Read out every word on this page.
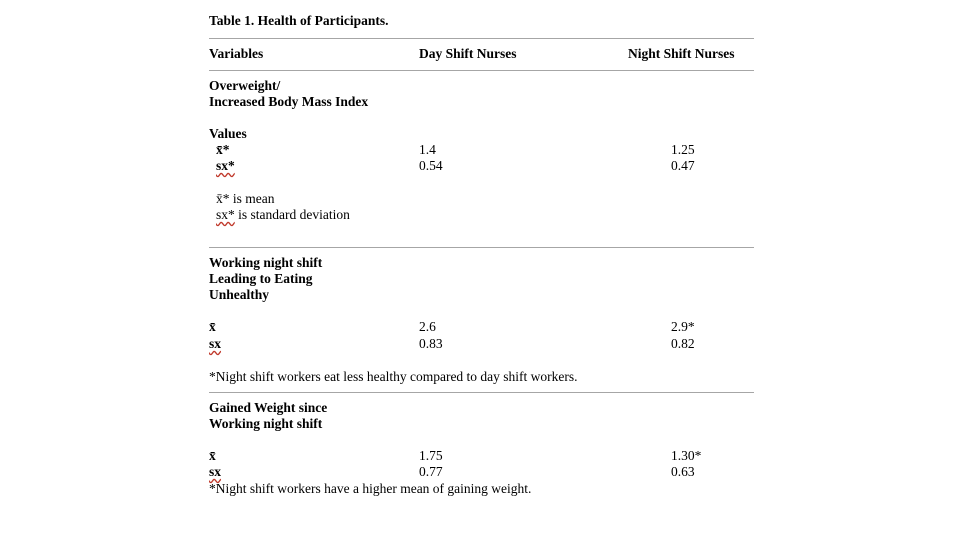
Table 1. Health of Participants.
Variables	Day Shift Nurses	Night Shift Nurses
Overweight/
Increased Body Mass Index
Values
x̄*	1.4	1.25
sx*	0.54	0.47
x̄* is mean
sx* is standard deviation
Working night shift
Leading to Eating
Unhealthy
x̄	2.6	2.9*
sx	0.83	0.82
*Night shift workers eat less healthy compared to day shift workers.
Gained Weight since
Working night shift
x̄	1.75	1.30*
sx	0.77	0.63
*Night shift workers have a higher mean of gaining weight.
